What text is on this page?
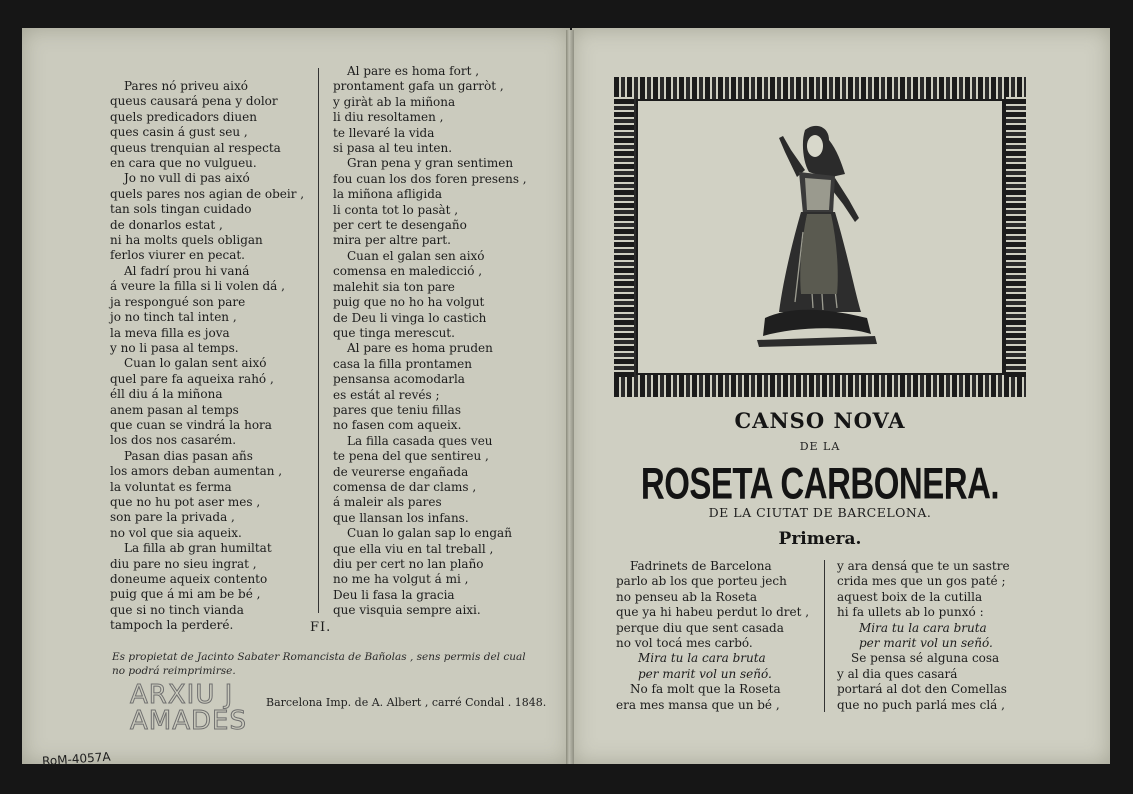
Pares nó priveu aixó
queus causará pena y dolor
quels predicadors diuen
ques casin á gust seu ,
queus trenquian al respecta
en cara que no vulgueu.
Jo no vull di pas aixó
quels pares nos agian de obeir ,
tan sols tingan cuidado
de donarlos estat ,
ni ha molts quels obligan
ferlos viurer en pecat.
Al fadrí prou hi vaná
á veure la filla si li volen dá ,
ja respongué son pare
jo no tinch tal inten ,
la meva filla es jova
y no li pasa al temps.
Cuan lo galan sent aixó
quel pare fa aqueixa rahó ,
éll diu á la miñona
anem pasan al temps
que cuan se vindrá la hora
los dos nos casarém.
Pasan dias pasan añs
los amors deban aumentan ,
la voluntat es ferma
que no hu pot aser mes ,
son pare la privada ,
no vol que sia aqueix.
La filla ab gran humiltat
diu pare no sieu ingrat ,
doneume aqueix contento
puig que á mi am be bé ,
que si no tinch vianda
tampoch la perderé.
Al pare es homa fort ,
prontament gafa un garròt ,
y giràt ab la miñona
li diu resoltamen ,
te llevaré la vida
si pasa al teu inten.
Gran pena y gran sentimen
fou cuan los dos foren presens ,
la miñona afligida
li conta tot lo pasàt ,
per cert te desengaño
mira per altre part.
Cuan el galan sen aixó
comensa en maledicció ,
malehit sia ton pare
puig que no ho ha volgut
de Deu li vinga lo castich
que tinga merescut.
Al pare es homa pruden
casa la filla prontamen
pensansa acomodarla
es estát al revés ;
pares que teniu fillas
no fasen com aqueix.
La filla casada ques veu
te pena del que sentireu ,
de veurerse engañada
comensa de dar clams ,
á maleir als pares
que llansan los infans.
Cuan lo galan sap lo engañ
que ella viu en tal treball ,
diu per cert no lan plaño
no me ha volgut á mi ,
Deu li fasa la gracia
que visquia sempre aixi.
FI.
Es propietat de Jacinto Sabater Romancista de Bañolas , sens permis del cual no podrá reimprimirse.
Barcelona Imp. de A. Albert , carré Condal . 1848.
ARXIU J
AMADES
RoM-4057A
CANSO NOVA
DE LA
ROSETA CARBONERA.
DE LA CIUTAT DE BARCELONA.
Primera.
Fadrinets de Barcelona
parlo ab los que porteu jech
no penseu ab la Roseta
que ya hi habeu perdut lo dret ,
perque diu que sent casada
no vol tocá mes carbó.
Mira tu la cara bruta
per marit vol un señó.
No fa molt que la Roseta
era mes mansa que un bé ,
y ara densá que te un sastre
crida mes que un gos paté ;
aquest boix de la cutilla
hi fa ullets ab lo punxó :
Mira tu la cara bruta
per marit vol un señó.
Se pensa sé alguna cosa
y al dia ques casará
portará al dot den Comellas
que no puch parlá mes clá ,
